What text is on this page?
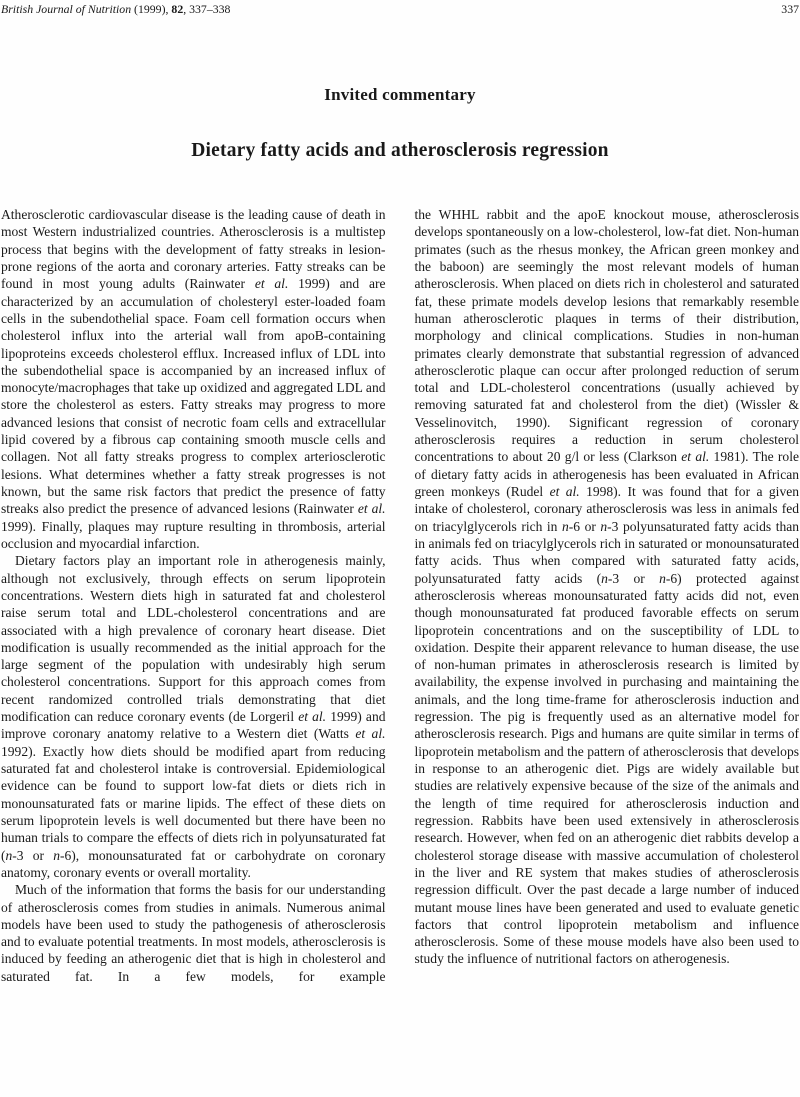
British Journal of Nutrition (1999), 82, 337–338	337
Invited commentary
Dietary fatty acids and atherosclerosis regression

Atherosclerotic cardiovascular disease is the leading cause of death in most Western industrialized countries. Atherosclerosis is a multistep process that begins with the development of fatty streaks in lesion-prone regions of the aorta and coronary arteries. Fatty streaks can be found in most young adults (Rainwater et al. 1999) and are characterized by an accumulation of cholesteryl ester-loaded foam cells in the subendothelial space. Foam cell formation occurs when cholesterol influx into the arterial wall from apoB-containing lipoproteins exceeds cholesterol efflux. Increased influx of LDL into the subendothelial space is accompanied by an increased influx of monocyte/macrophages that take up oxidized and aggregated LDL and store the cholesterol as esters. Fatty streaks may progress to more advanced lesions that consist of necrotic foam cells and extracellular lipid covered by a fibrous cap containing smooth muscle cells and collagen. Not all fatty streaks progress to complex arteriosclerotic lesions. What determines whether a fatty streak progresses is not known, but the same risk factors that predict the presence of fatty streaks also predict the presence of advanced lesions (Rainwater et al. 1999). Finally, plaques may rupture resulting in thrombosis, arterial occlusion and myocardial infarction.

Dietary factors play an important role in atherogenesis mainly, although not exclusively, through effects on serum lipoprotein concentrations. Western diets high in saturated fat and cholesterol raise serum total and LDL-cholesterol concentrations and are associated with a high prevalence of coronary heart disease. Diet modification is usually recommended as the initial approach for the large segment of the population with undesirably high serum cholesterol concentrations. Support for this approach comes from recent randomized controlled trials demonstrating that diet modification can reduce coronary events (de Lorgeril et al. 1999) and improve coronary anatomy relative to a Western diet (Watts et al. 1992). Exactly how diets should be modified apart from reducing saturated fat and cholesterol intake is controversial. Epidemiological evidence can be found to support low-fat diets or diets rich in monounsaturated fats or marine lipids. The effect of these diets on serum lipoprotein levels is well documented but there have been no human trials to compare the effects of diets rich in polyunsaturated fat (n-3 or n-6), monounsaturated fat or carbohydrate on coronary anatomy, coronary events or overall mortality.

Much of the information that forms the basis for our understanding of atherosclerosis comes from studies in animals. Numerous animal models have been used to study the pathogenesis of atherosclerosis and to evaluate potential treatments. In most models, atherosclerosis is induced by feeding an atherogenic diet that is high in cholesterol and saturated fat. In a few models, for example

the WHHL rabbit and the apoE knockout mouse, atherosclerosis develops spontaneously on a low-cholesterol, low-fat diet. Non-human primates (such as the rhesus monkey, the African green monkey and the baboon) are seemingly the most relevant models of human atherosclerosis. When placed on diets rich in cholesterol and saturated fat, these primate models develop lesions that remarkably resemble human atherosclerotic plaques in terms of their distribution, morphology and clinical complications. Studies in non-human primates clearly demonstrate that substantial regression of advanced atherosclerotic plaque can occur after prolonged reduction of serum total and LDL-cholesterol concentrations (usually achieved by removing saturated fat and cholesterol from the diet) (Wissler & Vesselinovitch, 1990). Significant regression of coronary atherosclerosis requires a reduction in serum cholesterol concentrations to about 20 g/l or less (Clarkson et al. 1981). The role of dietary fatty acids in atherogenesis has been evaluated in African green monkeys (Rudel et al. 1998). It was found that for a given intake of cholesterol, coronary atherosclerosis was less in animals fed on triacylglycerols rich in n-6 or n-3 polyunsaturated fatty acids than in animals fed on triacylglycerols rich in saturated or monounsaturated fatty acids. Thus when compared with saturated fatty acids, polyunsaturated fatty acids (n-3 or n-6) protected against atherosclerosis whereas monounsaturated fatty acids did not, even though monounsaturated fat produced favorable effects on serum lipoprotein concentrations and on the susceptibility of LDL to oxidation. Despite their apparent relevance to human disease, the use of non-human primates in atherosclerosis research is limited by availability, the expense involved in purchasing and maintaining the animals, and the long time-frame for atherosclerosis induction and regression. The pig is frequently used as an alternative model for atherosclerosis research. Pigs and humans are quite similar in terms of lipoprotein metabolism and the pattern of atherosclerosis that develops in response to an atherogenic diet. Pigs are widely available but studies are relatively expensive because of the size of the animals and the length of time required for atherosclerosis induction and regression. Rabbits have been used extensively in atherosclerosis research. However, when fed on an atherogenic diet rabbits develop a cholesterol storage disease with massive accumulation of cholesterol in the liver and RE system that makes studies of atherosclerosis regression difficult. Over the past decade a large number of induced mutant mouse lines have been generated and used to evaluate genetic factors that control lipoprotein metabolism and influence atherosclerosis. Some of these mouse models have also been used to study the influence of nutritional factors on atherogenesis.
